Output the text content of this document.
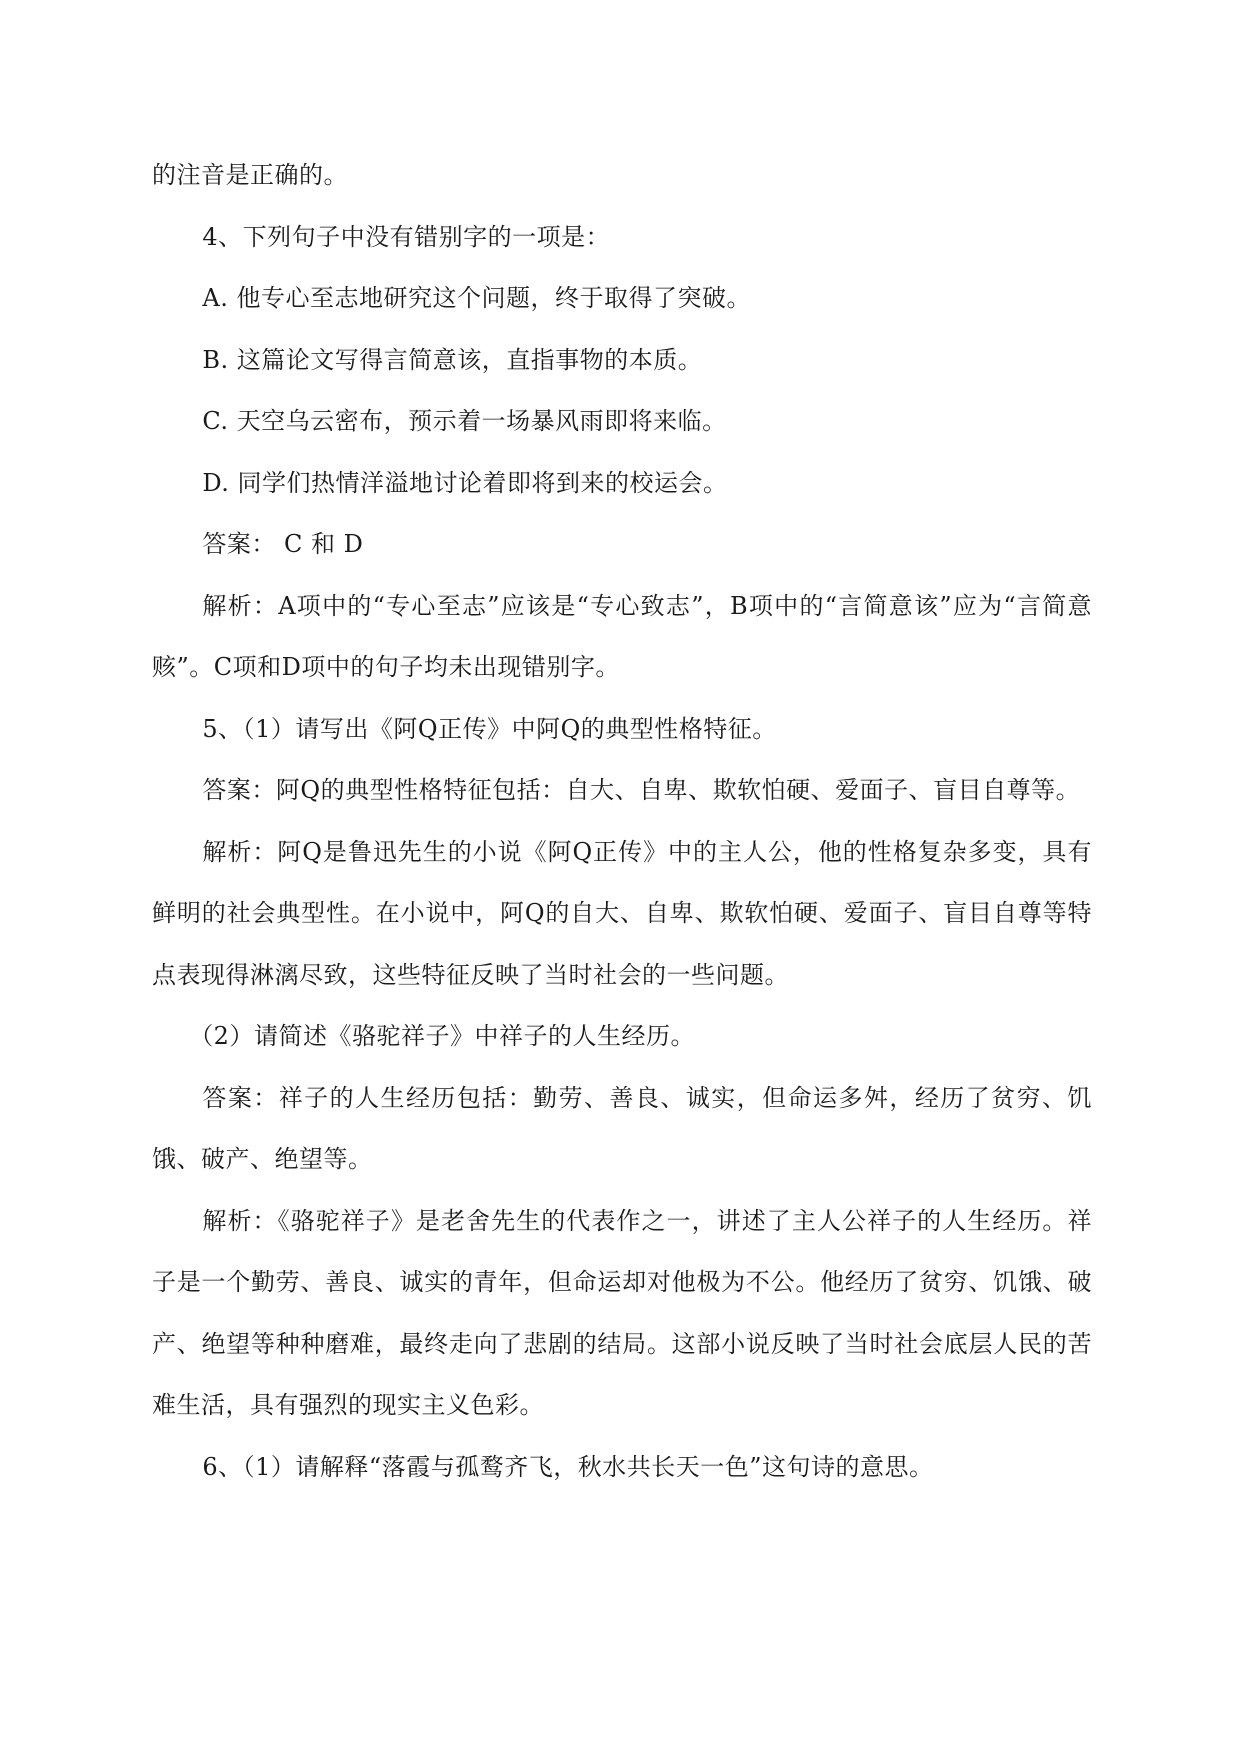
的注音是正确的。

4、下列句子中没有错别字的一项是：

A. 他专心至志地研究这个问题，终于取得了突破。

B. 这篇论文写得言简意该，直指事物的本质。

C. 天空乌云密布，预示着一场暴风雨即将来临。

D. 同学们热情洋溢地讨论着即将到来的校运会。

答案： C 和 D

解析：A项中的“专心至志”应该是“专心致志”，B项中的“言简意该”应为“言简意赅”。C项和D项中的句子均未出现错别字。

5、（1）请写出《阿Q正传》中阿Q的典型性格特征。

答案：阿Q的典型性格特征包括：自大、自卑、欺软怕硬、爱面子、盲目自尊等。

解析：阿Q是鲁迅先生的小说《阿Q正传》中的主人公，他的性格复杂多变，具有鲜明的社会典型性。在小说中，阿Q的自大、自卑、欺软怕硬、爱面子、盲目自尊等特点表现得淋漓尽致，这些特征反映了当时社会的一些问题。

（2）请简述《骆驼祥子》中祥子的人生经历。

答案：祥子的人生经历包括：勤劳、善良、诚实，但命运多舛，经历了贫穷、饥饿、破产、绝望等。

解析：《骆驼祥子》是老舍先生的代表作之一，讲述了主人公祥子的人生经历。祥子是一个勤劳、善良、诚实的青年，但命运却对他极为不公。他经历了贫穷、饥饿、破产、绝望等种种磨难，最终走向了悲剧的结局。这部小说反映了当时社会底层人民的苦难生活，具有强烈的现实主义色彩。

6、（1）请解释“落霞与孤鹜齐飞，秋水共长天一色”这句诗的意思。
